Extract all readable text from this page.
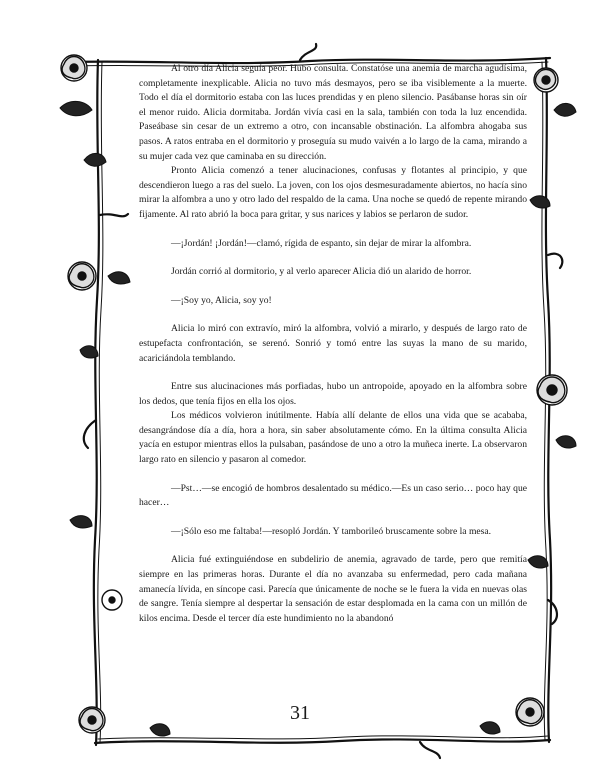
Al otro día Alicia seguía peor. Hubo consulta. Constatóse una anemia de marcha agudísima, completamente inexplicable. Alicia no tuvo más desmayos, pero se iba visiblemente a la muerte. Todo el día el dormitorio estaba con las luces prendidas y en pleno silencio. Pasábanse horas sin oír el menor ruido. Alicia dormitaba. Jordán vivía casi en la sala, también con toda la luz encendida. Paseábase sin cesar de un extremo a otro, con incansable obstinación. La alfombra ahogaba sus pasos. A ratos entraba en el dormitorio y proseguía su mudo vaivén a lo largo de la cama, mirando a su mujer cada vez que caminaba en su dirección.

Pronto Alicia comenzó a tener alucinaciones, confusas y flotantes al principio, y que descendieron luego a ras del suelo. La joven, con los ojos desmesuradamente abiertos, no hacía sino mirar la alfombra a uno y otro lado del respaldo de la cama. Una noche se quedó de repente mirando fijamente. Al rato abrió la boca para gritar, y sus narices y labios se perlaron de sudor.

—¡Jordán! ¡Jordán!—clamó, rígida de espanto, sin dejar de mirar la alfombra.

Jordán corrió al dormitorio, y al verlo aparecer Alicia dió un alarido de horror.

—¡Soy yo, Alicia, soy yo!

Alicia lo miró con extravío, miró la alfombra, volvió a mirarlo, y después de largo rato de estupefacta confrontación, se serenó. Sonrió y tomó entre las suyas la mano de su marido, acariciándola temblando.

Entre sus alucinaciones más porfiadas, hubo un antropoide, apoyado en la alfombra sobre los dedos, que tenía fijos en ella los ojos.

Los médicos volvieron inútilmente. Había allí delante de ellos una vida que se acababa, desangrándose día a día, hora a hora, sin saber absolutamente cómo. En la última consulta Alicia yacía en estupor mientras ellos la pulsaban, pasándose de uno a otro la muñeca inerte. La observaron largo rato en silencio y pasaron al comedor.

—Pst…—se encogió de hombros desalentado su médico.—Es un caso serio… poco hay que hacer…

—¡Sólo eso me faltaba!—resopló Jordán. Y tamborileó bruscamente sobre la mesa.

Alicia fué extinguiéndose en subdelirio de anemia, agravado de tarde, pero que remitía siempre en las primeras horas. Durante el día no avanzaba su enfermedad, pero cada mañana amanecía lívida, en síncope casi. Parecía que únicamente de noche se le fuera la vida en nuevas olas de sangre. Tenía siempre al despertar la sensación de estar desplomada en la cama con un millón de kilos encima. Desde el tercer día este hundimiento no la abandonó

31
